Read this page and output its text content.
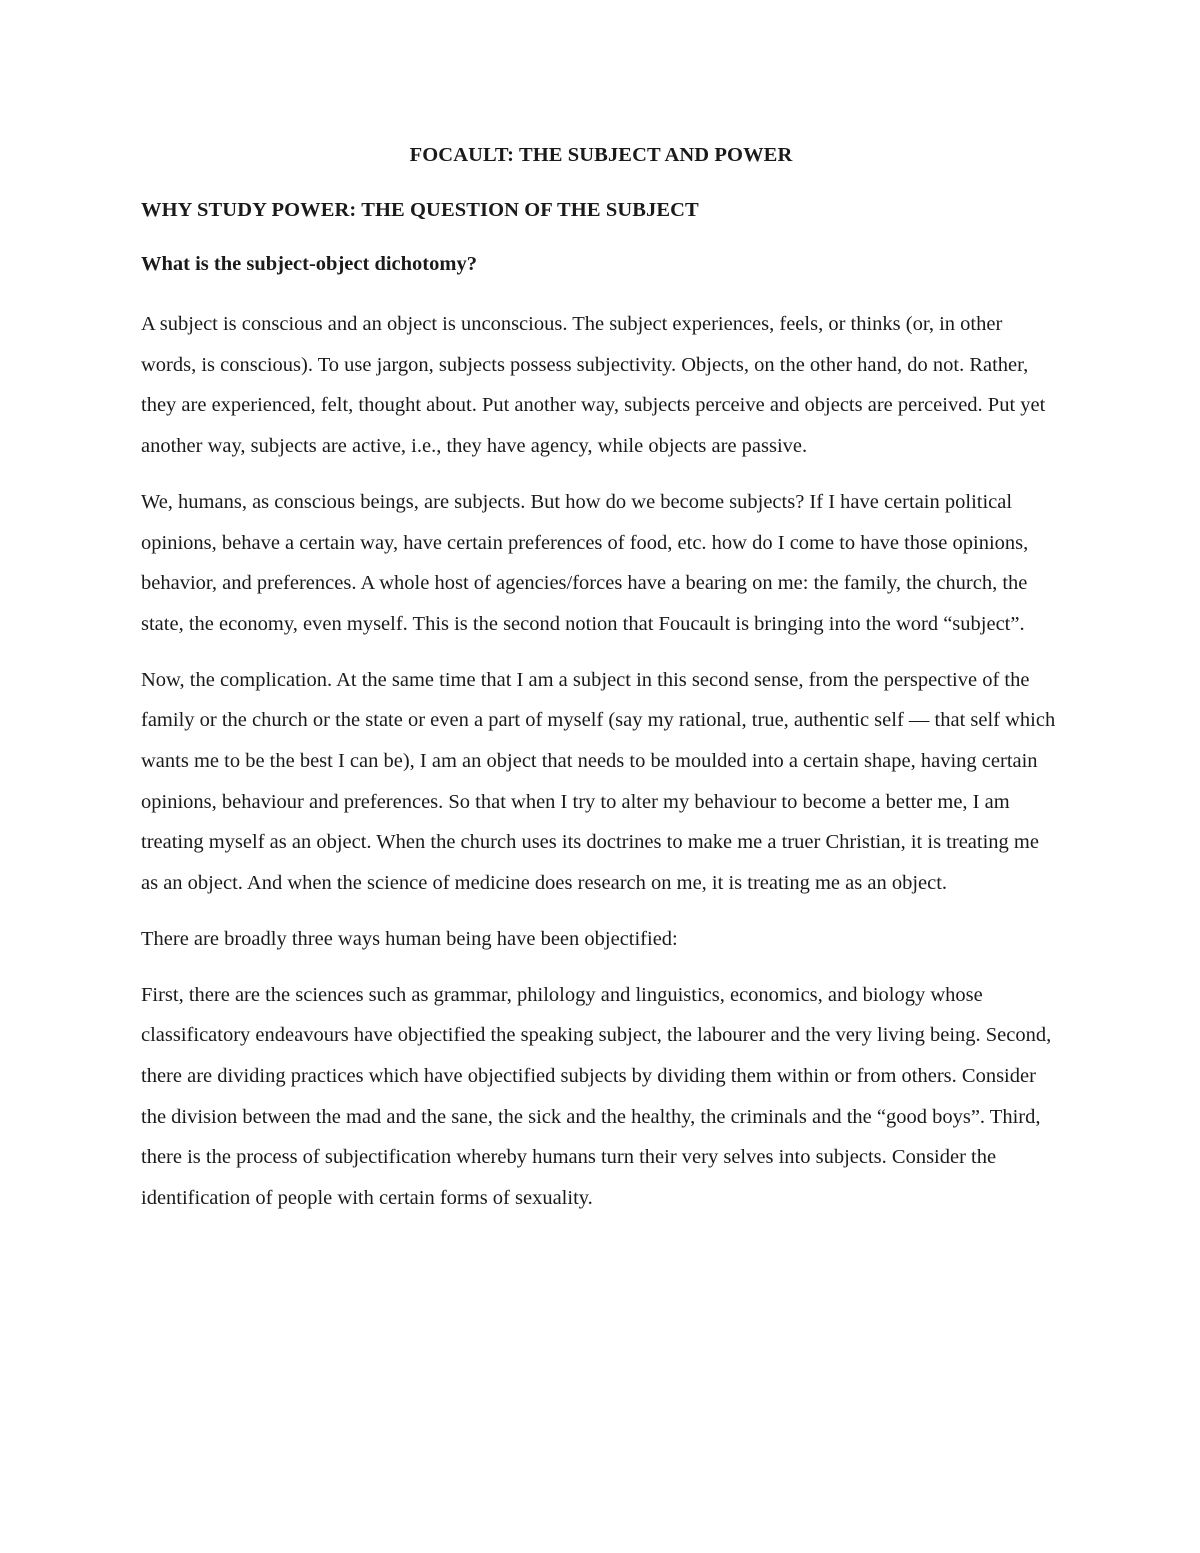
FOCAULT: THE SUBJECT AND POWER
WHY STUDY POWER: THE QUESTION OF THE SUBJECT
What is the subject-object dichotomy?

A subject is conscious and an object is unconscious. The subject experiences, feels, or thinks (or, in other words, is conscious). To use jargon, subjects possess subjectivity. Objects, on the other hand, do not. Rather, they are experienced, felt, thought about. Put another way, subjects perceive and objects are perceived. Put yet another way, subjects are active, i.e., they have agency, while objects are passive.

We, humans, as conscious beings, are subjects. But how do we become subjects? If I have certain political opinions, behave a certain way, have certain preferences of food, etc. how do I come to have those opinions, behavior, and preferences. A whole host of agencies/forces have a bearing on me: the family, the church, the state, the economy, even myself. This is the second notion that Foucault is bringing into the word “subject”.

Now, the complication. At the same time that I am a subject in this second sense, from the perspective of the family or the church or the state or even a part of myself (say my rational, true, authentic self — that self which wants me to be the best I can be), I am an object that needs to be moulded into a certain shape, having certain opinions, behaviour and preferences. So that when I try to alter my behaviour to become a better me, I am treating myself as an object. When the church uses its doctrines to make me a truer Christian, it is treating me as an object. And when the science of medicine does research on me, it is treating me as an object.

There are broadly three ways human being have been objectified:

First, there are the sciences such as grammar, philology and linguistics, economics, and biology whose classificatory endeavours have objectified the speaking subject, the labourer and the very living being. Second, there are dividing practices which have objectified subjects by dividing them within or from others. Consider the division between the mad and the sane, the sick and the healthy, the criminals and the “good boys”. Third, there is the process of subjectification whereby humans turn their very selves into subjects. Consider the identification of people with certain forms of sexuality.
